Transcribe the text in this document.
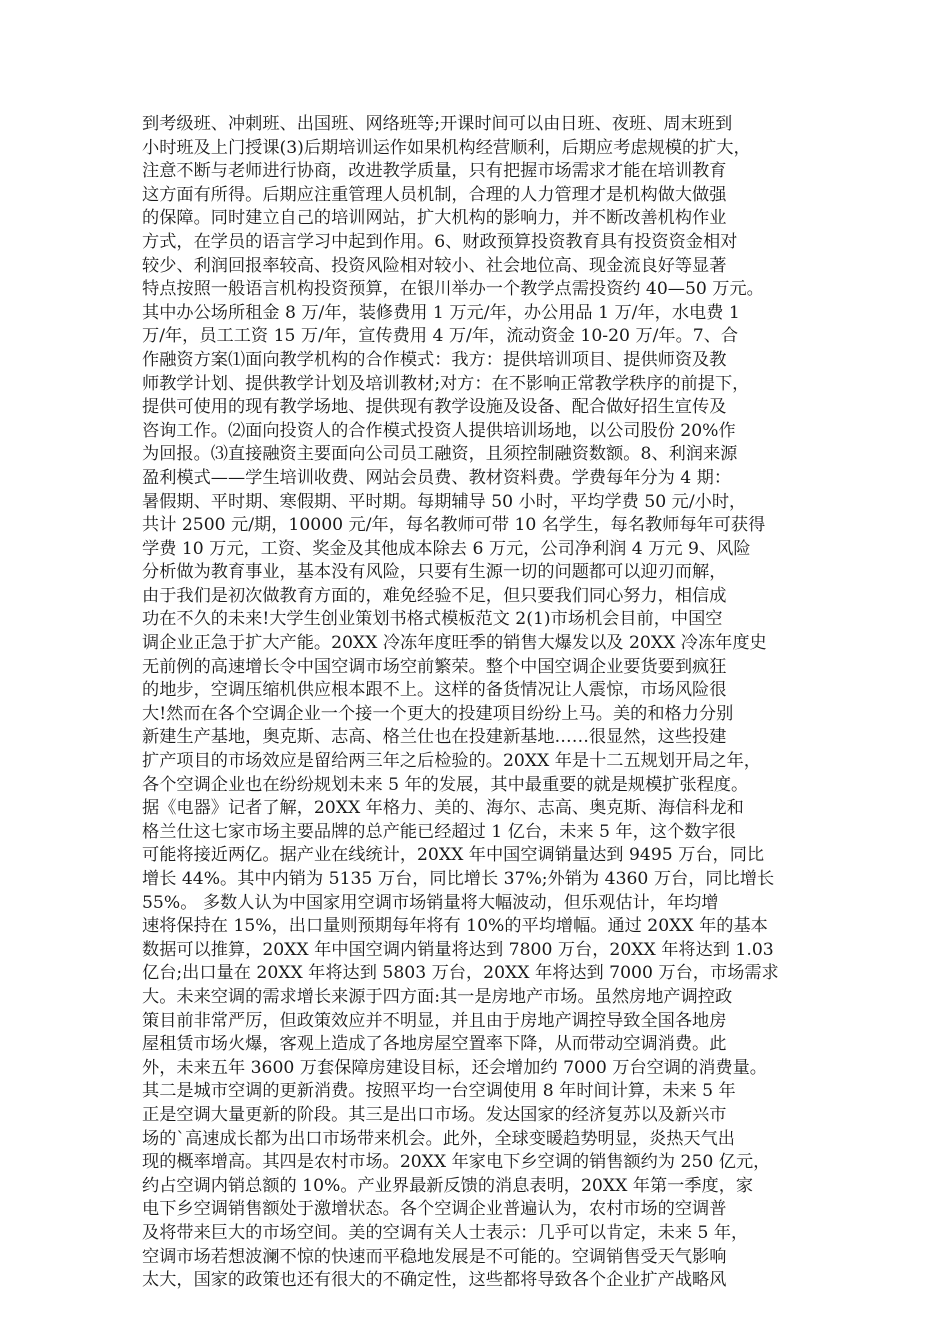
到考级班、冲刺班、出国班、网络班等;开课时间可以由日班、夜班、周末班到
小时班及上门授课(3)后期培训运作如果机构经营顺利，后期应考虑规模的扩大，
注意不断与老师进行协商，改进教学质量，只有把握市场需求才能在培训教育
这方面有所得。后期应注重管理人员机制，合理的人力管理才是机构做大做强
的保障。同时建立自己的培训网站，扩大机构的影响力，并不断改善机构作业
方式，在学员的语言学习中起到作用。6、财政预算投资教育具有投资资金相对
较少、利润回报率较高、投资风险相对较小、社会地位高、现金流良好等显著
特点按照一般语言机构投资预算，在银川举办一个教学点需投资约 40—50 万元。
其中办公场所租金 8 万/年，装修费用 1 万元/年，办公用品 1 万/年，水电费 1
万/年，员工工资 15 万/年，宣传费用 4 万/年，流动资金 10-20 万/年。7、合
作融资方案⑴面向教学机构的合作模式：我方：提供培训项目、提供师资及教
师教学计划、提供教学计划及培训教材;对方：在不影响正常教学秩序的前提下，
提供可使用的现有教学场地、提供现有教学设施及设备、配合做好招生宣传及
咨询工作。⑵面向投资人的合作模式投资人提供培训场地，以公司股份 20%作
为回报。⑶直接融资主要面向公司员工融资，且须控制融资数额。8、利润来源
盈利模式——学生培训收费、网站会员费、教材资料费。学费每年分为 4 期：
暑假期、平时期、寒假期、平时期。每期辅导 50 小时，平均学费 50 元/小时，
共计 2500 元/期，10000 元/年，每名教师可带 10 名学生，每名教师每年可获得
学费 10 万元，工资、奖金及其他成本除去 6 万元，公司净利润 4 万元 9、风险
分析做为教育事业，基本没有风险，只要有生源一切的问题都可以迎刃而解，
由于我们是初次做教育方面的，难免经验不足，但只要我们同心努力，相信成
功在不久的未来!大学生创业策划书格式模板范文 2(1)市场机会目前，中国空
调企业正急于扩大产能。20XX 冷冻年度旺季的销售大爆发以及 20XX 冷冻年度史
无前例的高速增长令中国空调市场空前繁荣。整个中国空调企业要货要到疯狂
的地步，空调压缩机供应根本跟不上。这样的备货情况让人震惊，市场风险很
大!然而在各个空调企业一个接一个更大的投建项目纷纷上马。美的和格力分别
新建生产基地，奥克斯、志高、格兰仕也在投建新基地……很显然，这些投建
扩产项目的市场效应是留给两三年之后检验的。20XX 年是十二五规划开局之年，
各个空调企业也在纷纷规划未来 5 年的发展，其中最重要的就是规模扩张程度。
据《电器》记者了解，20XX 年格力、美的、海尔、志高、奥克斯、海信科龙和
格兰仕这七家市场主要品牌的总产能已经超过 1 亿台，未来 5 年，这个数字很
可能将接近两亿。据产业在线统计，20XX 年中国空调销量达到 9495 万台，同比
增长 44%。其中内销为 5135 万台，同比增长 37%;外销为 4360 万台，同比增长
55%。 多数人认为中国家用空调市场销量将大幅波动，但乐观估计，年均增
速将保持在 15%，出口量则预期每年将有 10%的平均增幅。通过 20XX 年的基本
数据可以推算，20XX 年中国空调内销量将达到 7800 万台，20XX 年将达到 1.03
亿台;出口量在 20XX 年将达到 5803 万台，20XX 年将达到 7000 万台，市场需求
大。未来空调的需求增长来源于四方面:其一是房地产市场。虽然房地产调控政
策目前非常严厉，但政策效应并不明显，并且由于房地产调控导致全国各地房
屋租赁市场火爆，客观上造成了各地房屋空置率下降，从而带动空调消费。此
外，未来五年 3600 万套保障房建设目标，还会增加约 7000 万台空调的消费量。
其二是城市空调的更新消费。按照平均一台空调使用 8 年时间计算，未来 5 年
正是空调大量更新的阶段。其三是出口市场。发达国家的经济复苏以及新兴市
场的`高速成长都为出口市场带来机会。此外，全球变暖趋势明显，炎热天气出
现的概率增高。其四是农村市场。20XX 年家电下乡空调的销售额约为 250 亿元，
约占空调内销总额的 10%。产业界最新反馈的消息表明，20XX 年第一季度，家
电下乡空调销售额处于激增状态。各个空调企业普遍认为，农村市场的空调普
及将带来巨大的市场空间。美的空调有关人士表示：几乎可以肯定，未来 5 年，
空调市场若想波澜不惊的快速而平稳地发展是不可能的。空调销售受天气影响
太大，国家的政策也还有很大的不确定性，这些都将导致各个企业扩产战略风
